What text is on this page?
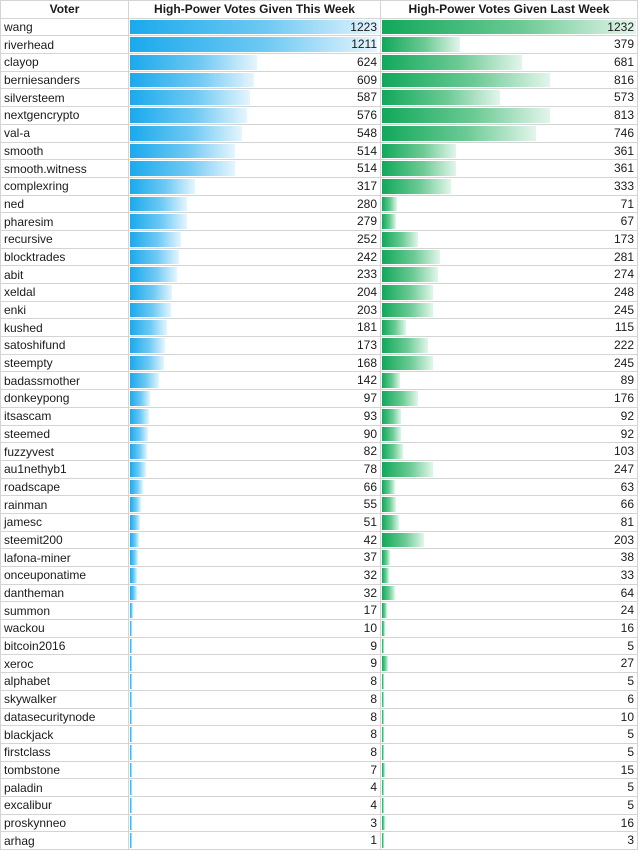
Voter	High-Power Votes Given This Week	High-Power Votes Given Last Week
wang	1223	1232

riverhead	1211	379

clayop	624	681

berniesanders	609	816

silversteem	587	573

nextgencrypto	576	813

val-a	548	746

smooth	514	361

smooth.witness	514	361

complexring	317	333

ned	280	71

pharesim	279	67

recursive	252	173

blocktrades	242	281

abit	233	274

xeldal	204	248

enki	203	245

kushed	181	115

satoshifund	173	222

steempty	168	245

badassmother	142	89

donkeypong	97	176

itsascam	93	92

steemed	90	92

fuzzyvest	82	103

au1nethyb1	78	247

roadscape	66	63

rainman	55	66

jamesc	51	81

steemit200	42	203

lafona-miner	37	38

onceuponatime	32	33

dantheman	32	64

summon	17	24

wackou	10	16

bitcoin2016	9	5

xeroc	9	27

alphabet	8	5

skywalker	8	6

datasecuritynode	8	10

blackjack	8	5

firstclass	8	5

tombstone	7	15

paladin	4	5

excalibur	4	5

proskynneo	3	16

arhag	1	3
